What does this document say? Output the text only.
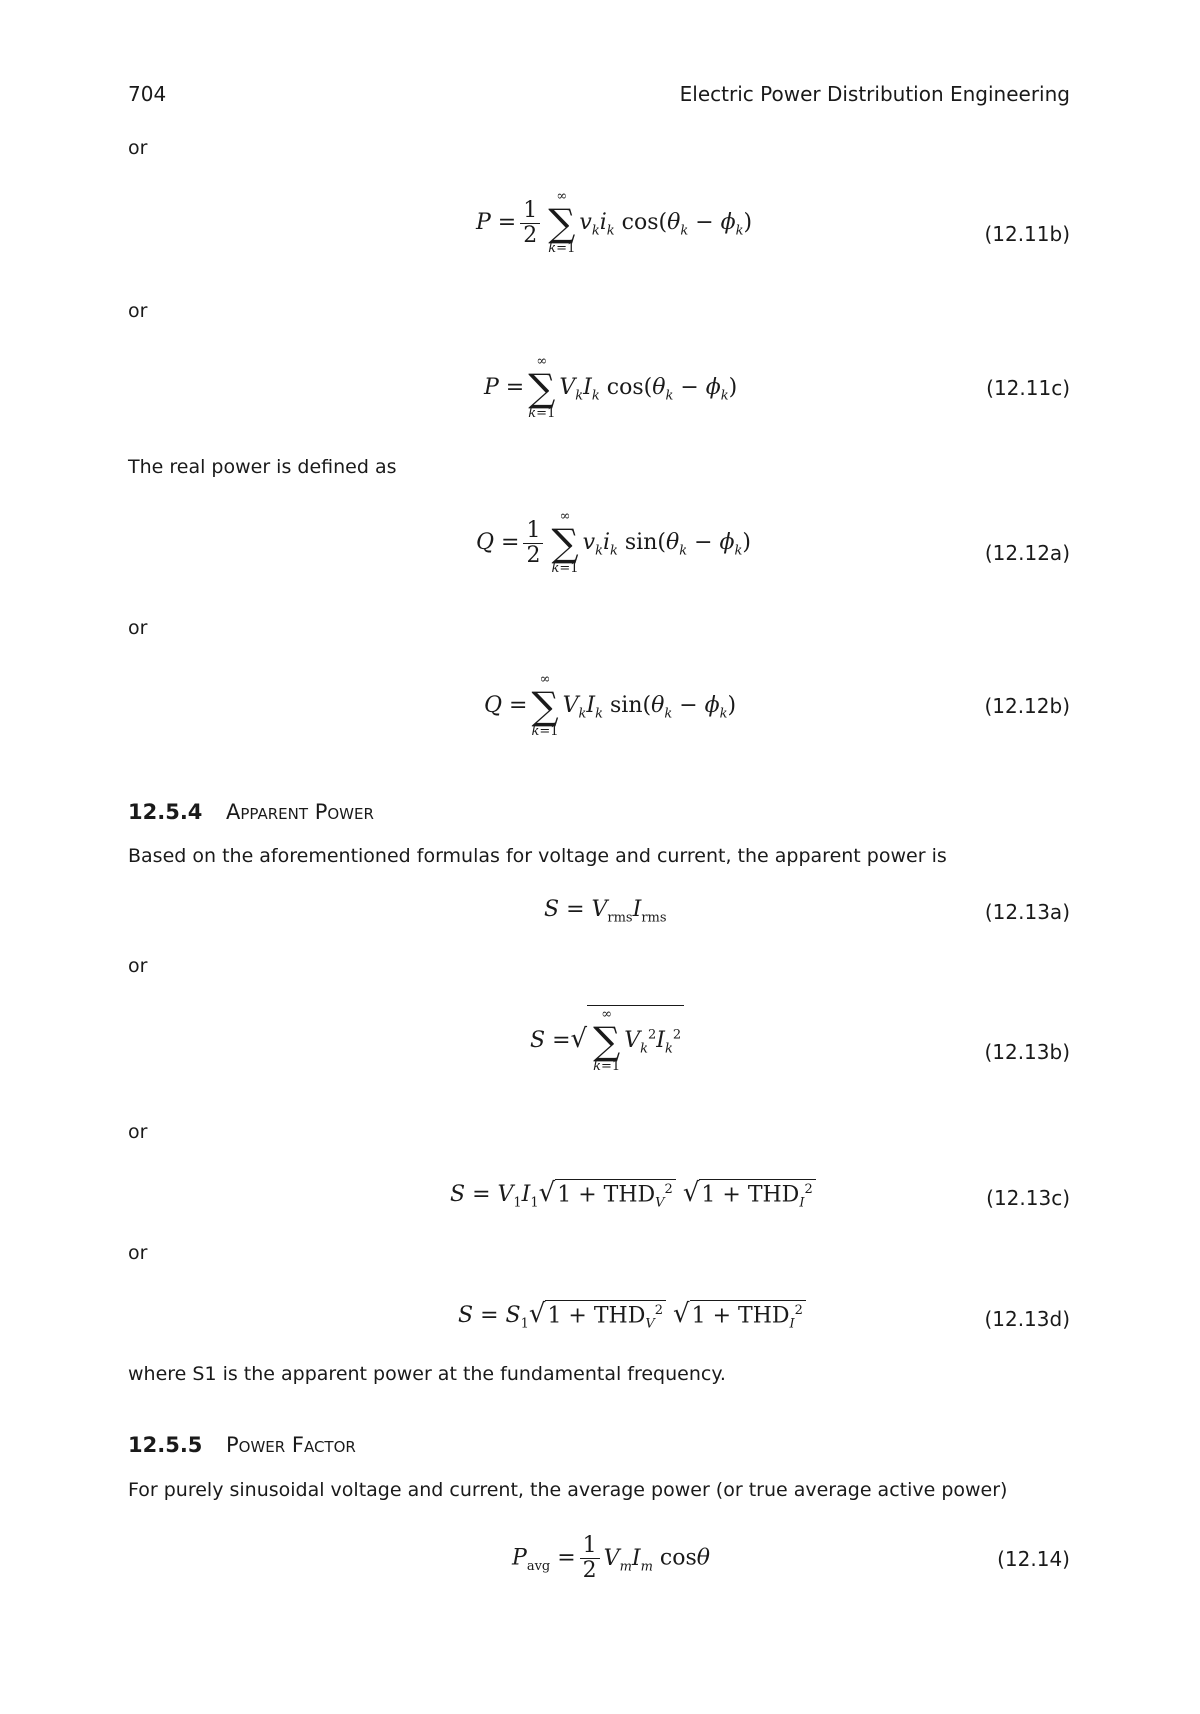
704	Electric Power Distribution Engineering
or
$P = \frac{1}{2}$
∞
∑
k=1
$v_ki_k$ $\cos(\theta_k - \phi_k)$	(12.11b)
or
P =
∞
∑
k=1
$V_kI_k$ $\cos(\theta_k - \phi_k)$	(12.11c)
The real power is defined as
$Q = \frac{1}{2}$
∞
∑
k=1
$v_ki_k$ $\sin(\theta_k - \phi_k)$	(12.12a)
or
Q =
∞
∑
k=1
$V_kI_k$ $\sin(\theta_k - \phi_k)$	(12.12b)
12.5.4 Apparent Power
Based on the aforementioned formulas for voltage and current, the apparent power is
$S = V_{rms}I_{rms}$	(12.13a)
or
S =√
∞
∑
k=1
$V_k^2I_k^2$
(12.13b)
or
$S = V_1I_1√1 + THD_V^2$ $√1 + THD_I^2$	(12.13c)
or
$S = S_1√1 + THD_V^2$ $√1 + THD_I^2$	(12.13d)
where S1 is the apparent power at the fundamental frequency.
12.5.5 Power Factor
For purely sinusoidal voltage and current, the average power (or true average active power)
$P_{avg} = \frac{1}{2} V_mI_m$ cosθ	(12.14)
